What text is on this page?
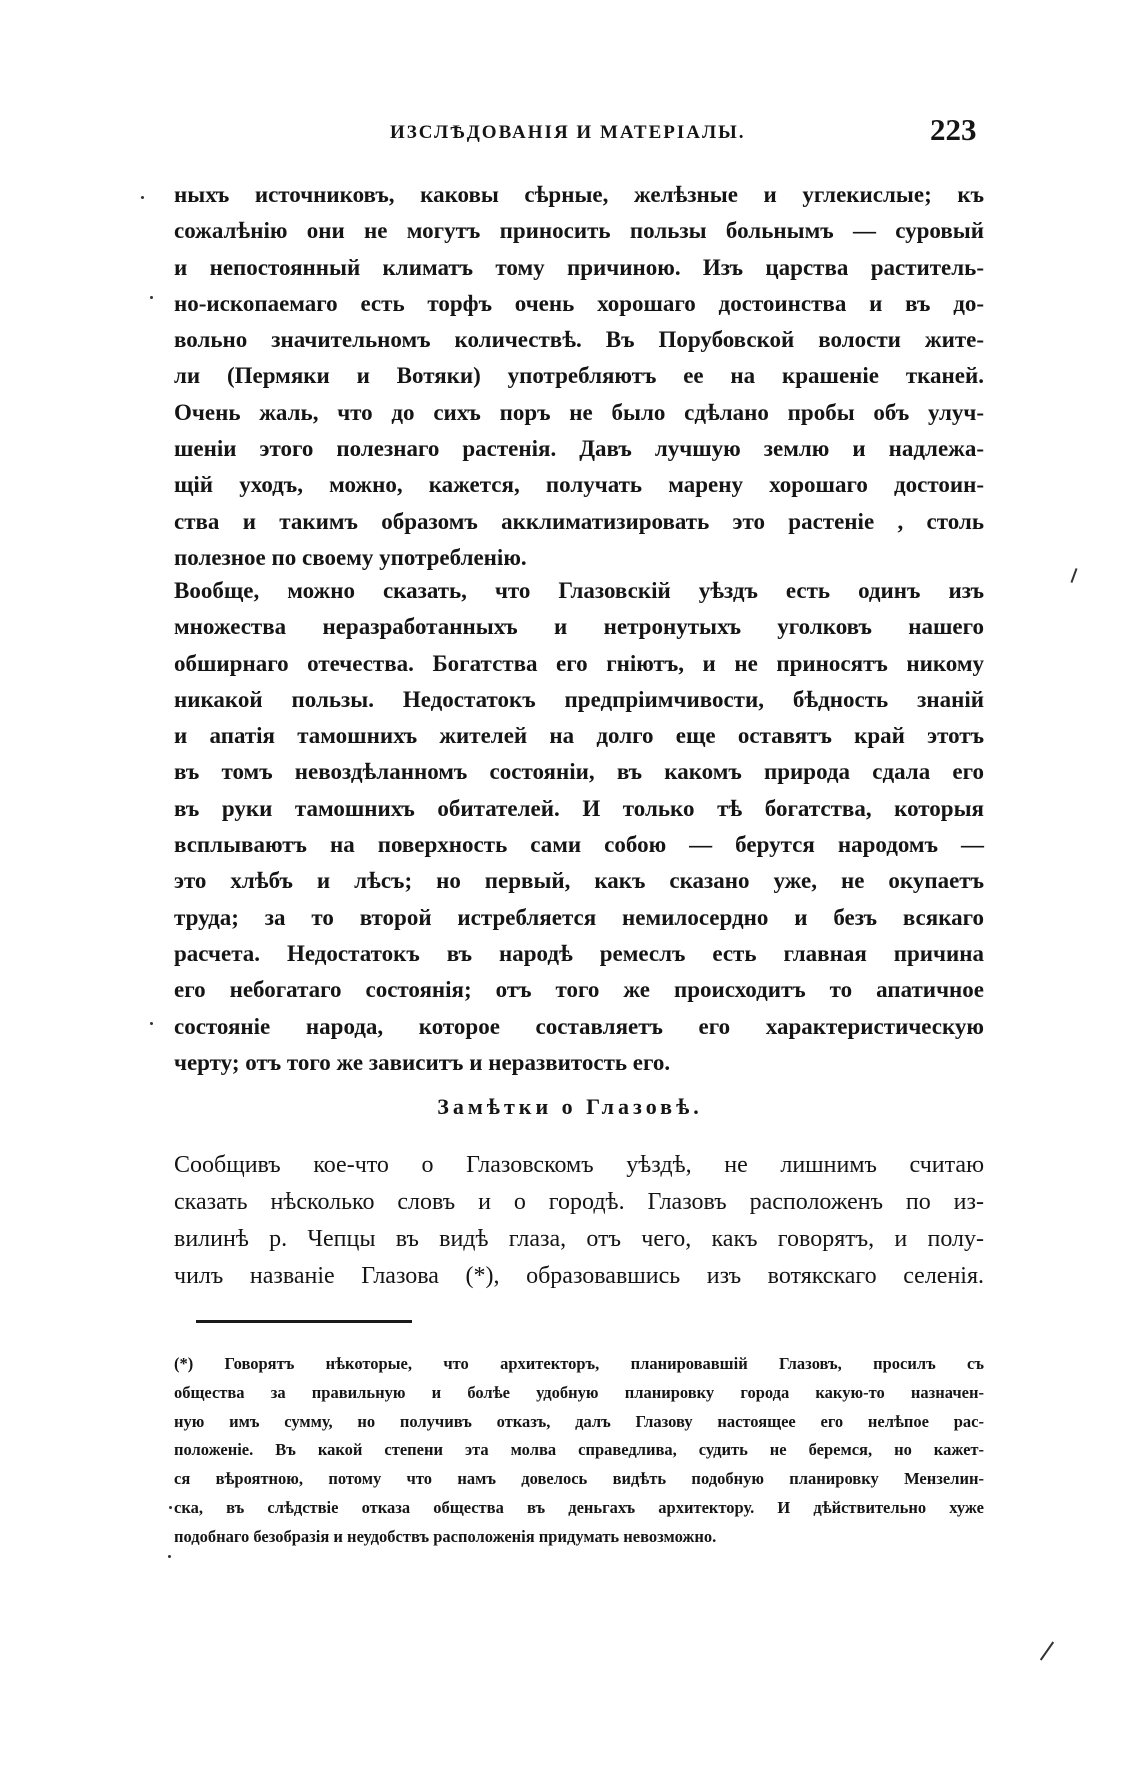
ИЗСЛѢДОВАНІЯ И МАТЕРІАЛЫ.	223
ныхъ источниковъ, каковы сѣрные, желѣзные и углекислые; къ
сожалѣнію они не могутъ приносить пользы больнымъ — суровый
и непостоянный климатъ тому причиною. Изъ царства раститель-
но-ископаемаго есть торфъ очень хорошаго достоинства и въ до-
вольно значительномъ количествѣ. Въ Порубовской волости жите-
ли (Пермяки и Вотяки) употребляютъ ее на крашеніе тканей.
Очень жаль, что до сихъ поръ не было сдѣлано пробы объ улуч-
шеніи этого полезнаго растенія. Давъ лучшую землю и надлежа-
щій уходъ, можно, кажется, получать марену хорошаго достоин-
ства и такимъ образомъ акклиматизировать это растеніе , столь
полезное по своему употребленію.
Вообще, можно сказать, что Глазовскій уѣздъ есть одинъ изъ
множества неразработанныхъ и нетронутыхъ уголковъ нашего
обширнаго отечества. Богатства его гніютъ, и не приносятъ никому
никакой пользы. Недостатокъ предпріимчивости, бѣдность знаній
и апатія тамошнихъ жителей на долго еще оставятъ край этотъ
въ томъ невоздѣланномъ состояніи, въ какомъ природа сдала его
въ руки тамошнихъ обитателей. И только тѣ богатства, которыя
всплываютъ на поверхность сами собою — берутся народомъ —
это хлѣбъ и лѣсъ; но первый, какъ сказано уже, не окупаетъ
труда; за то второй истребляется немилосердно и безъ всякаго
расчета. Недостатокъ въ народѣ ремеслъ есть главная причина
его небогатаго состоянія; отъ того же происходитъ то апатичное
состояніе народа, которое составляетъ его характеристическую
черту; отъ того же зависитъ и неразвитость его.
Замѣтки о Глазовѣ.
Сообщивъ кое-что о Глазовскомъ уѣздѣ, не лишнимъ считаю
сказать нѣсколько словъ и о городѣ. Глазовъ расположенъ по из-
вилинѣ р. Чепцы въ видѣ глаза, отъ чего, какъ говорятъ, и полу-
чилъ названіе Глазова (*), образовавшись изъ вотякскаго селенія.
(*) Говорятъ нѣкоторые, что архитекторъ, планировавшій Глазовъ, просилъ съ
общества за правильную и болѣе удобную планировку города какую-то назначен-
ную имъ сумму, но получивъ отказъ, далъ Глазову настоящее его нелѣпое рас-
положеніе. Въ какой степени эта молва справедлива, судить не беремся, но кажет-
ся вѣроятною, потому что намъ довелось видѣть подобную планировку Мензелин-
ска, въ слѣдствіе отказа общества въ деньгахъ архитектору. И дѣйствительно хуже
подобнаго безобразія и неудобствъ расположенія придумать невозможно.
